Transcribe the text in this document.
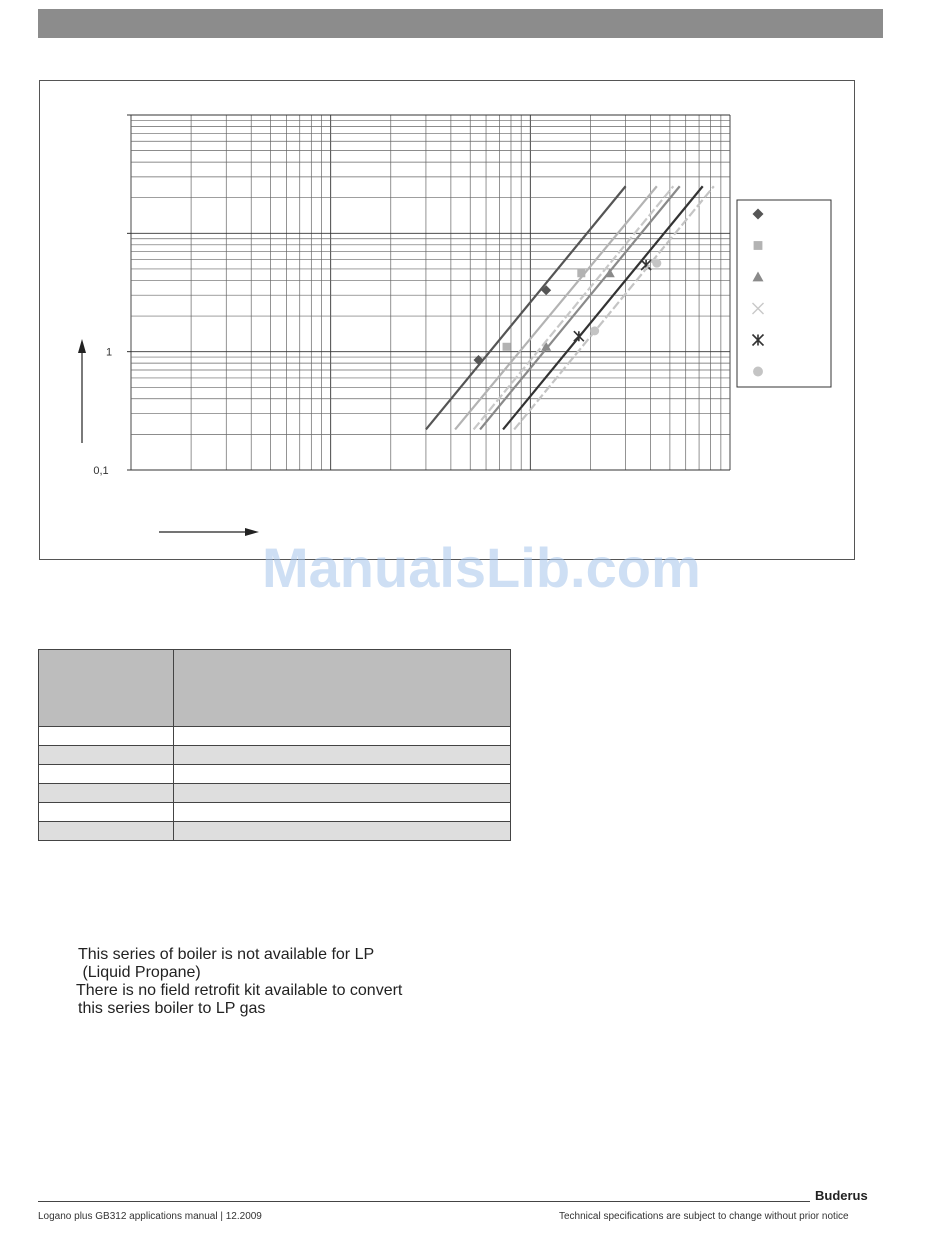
1
0,1
ManualsLib.com

This series of boiler is not available for LP
(Liquid Propane)
There is no field retrofit kit available to convert
this series boiler to LP gas
Buderus
Logano plus GB312 applications manual | 12.2009	Technical specifications are subject to change without prior notice
